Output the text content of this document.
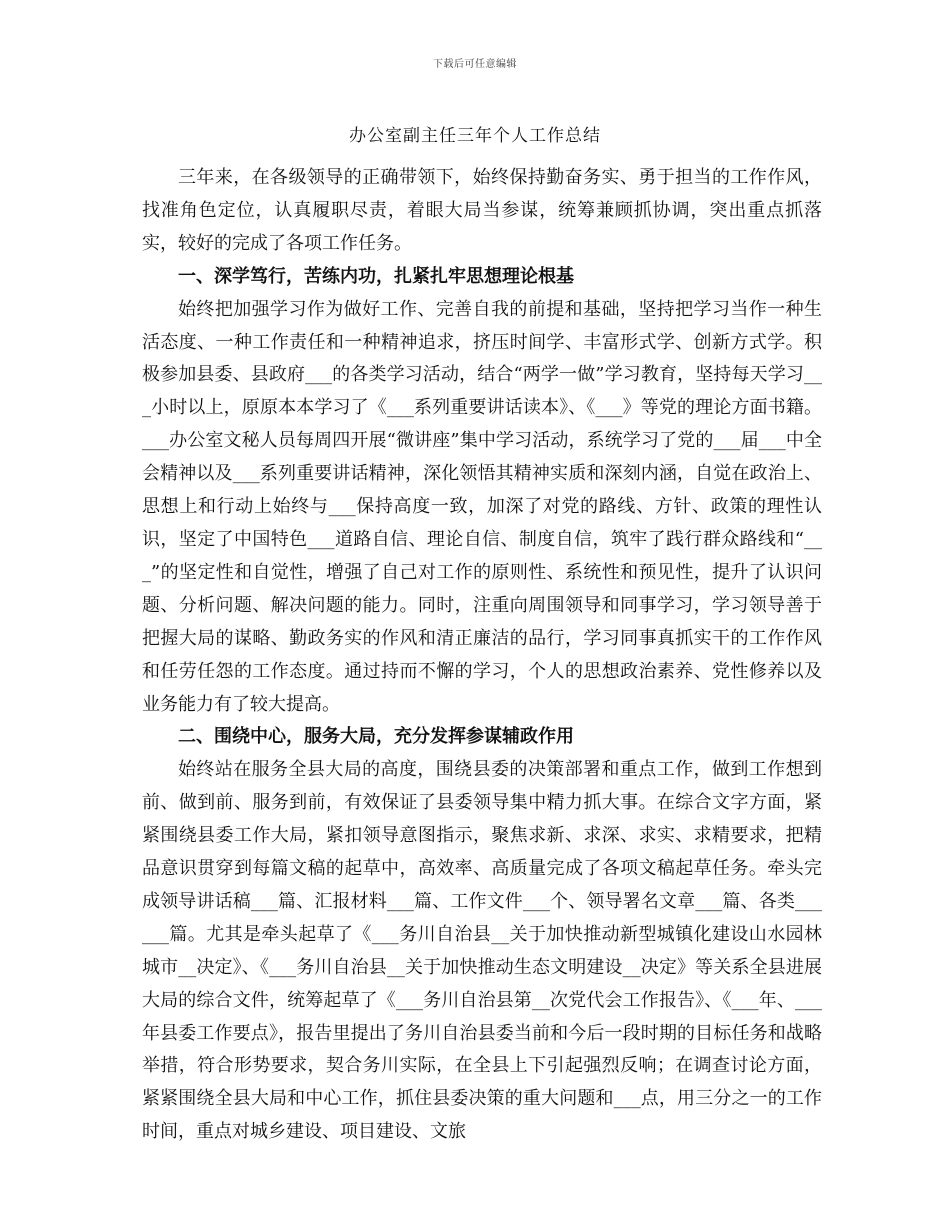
下载后可任意编辑
办公室副主任三年个人工作总结

三年来，在各级领导的正确带领下，始终保持勤奋务实、勇于担当的工作作风，找准角色定位，认真履职尽责，着眼大局当参谋，统筹兼顾抓协调，突出重点抓落实，较好的完成了各项工作任务。

一、深学笃行，苦练内功，扎紧扎牢思想理论根基

始终把加强学习作为做好工作、完善自我的前提和基础，坚持把学习当作一种生活态度、一种工作责任和一种精神追求，挤压时间学、丰富形式学、创新方式学。积极参加县委、县政府___的各类学习活动，结合“两学一做”学习教育，坚持每天学习___小时以上，原原本本学习了《___系列重要讲话读本》、《___》等党的理论方面书籍。___办公室文秘人员每周四开展“微讲座”集中学习活动，系统学习了党的___届___中全会精神以及___系列重要讲话精神，深化领悟其精神实质和深刻内涵，自觉在政治上、思想上和行动上始终与___保持高度一致，加深了对党的路线、方针、政策的理性认识，坚定了中国特色___道路自信、理论自信、制度自信，筑牢了践行群众路线和“___”的坚定性和自觉性，增强了自己对工作的原则性、系统性和预见性，提升了认识问题、分析问题、解决问题的能力。同时，注重向周围领导和同事学习，学习领导善于把握大局的谋略、勤政务实的作风和清正廉洁的品行，学习同事真抓实干的工作作风和任劳任怨的工作态度。通过持而不懈的学习，个人的思想政治素养、党性修养以及业务能力有了较大提高。

二、围绕中心，服务大局，充分发挥参谋辅政作用

始终站在服务全县大局的高度，围绕县委的决策部署和重点工作，做到工作想到前、做到前、服务到前，有效保证了县委领导集中精力抓大事。在综合文字方面，紧紧围绕县委工作大局，紧扣领导意图指示，聚焦求新、求深、求实、求精要求，把精品意识贯穿到每篇文稿的起草中，高效率、高质量完成了各项文稿起草任务。牵头完成领导讲话稿___篇、汇报材料___篇、工作文件___个、领导署名文章___篇、各类______篇。尤其是牵头起草了《___务川自治县__关于加快推动新型城镇化建设山水园林城市__决定》、《___务川自治县__关于加快推动生态文明建设__决定》等关系全县进展大局的综合文件，统筹起草了《___务川自治县第__次党代会工作报告》、《___年、___年县委工作要点》，报告里提出了务川自治县委当前和今后一段时期的目标任务和战略举措，符合形势要求，契合务川实际，在全县上下引起强烈反响；在调查讨论方面，紧紧围绕全县大局和中心工作，抓住县委决策的重大问题和___点，用三分之一的工作时间，重点对城乡建设、项目建设、文旅
